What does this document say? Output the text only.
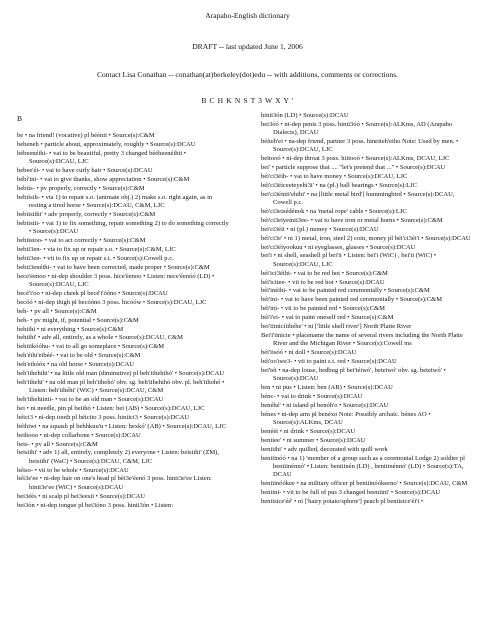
Arapaho-English dictionary
DRAFT -- last updated June 1, 2006
Contact Lisa Conathan -- conathan(at)berkeley(dot)edu -- with additions, comments or corrections.
B C H K N S T 3 W X Y '
B
be • na friend! (vocative) pl béénii • Source(s):C&M
bebeneh • particle about, approximately, roughly • Source(s):DCAU
bébeenéihi- • vai to be beautiful, pretty 3 changed bééheenéihit • Source(s):DCAU, LJC
bebee'éi- • vai to have curly hair • Source(s):DCAU
bébí'ini- • vai to give thanks, show appreciation • Source(s):C&M
bebiis- • pv properly, correctly • Source(s):C&M
bebiisih- • vta 1) to repair s.o. (animate obj.) 2) make s.o. right again, as in resting a tired horse • Source(s):DCAU, C&M, LJC
bebiisiihi' • adv properly, correctly • Source(s):C&M
bebiistii- • vai 1) to fix something, repair something 2) to do something correctly • Source(s):DCAU
bebiistoo- • vai to act correctly • Source(s):C&M
bebii3en- • vta to fix up or repair s.o. • Source(s):C&M, LJC
bebii3en- • vti to fix up or repair s.t. • Source(s):Cowell p.c.
bebii3enéihi- • vai to have been corrected, made proper • Source(s):C&M
bece'éenoo • ni-dep shoulder 3 poss. hice'éenoo • Listen: nece'éenóó (LD) • Source(s):DCAU, LJC
becé'i'oo • ni-dep cheek pl becé'i'óóno • Source(s):DCAU
becóó • ni-dep thigh pl becóóno 3 poss. hicóów • Source(s):DCAU, LJC
beh- • pv all • Source(s):C&M
beh- • pv might, if, potential • Source(s):C&M
behiihi • ni everything • Source(s):C&M
behiihi' • adv all, entirely, as a whole • Source(s):DCAU, C&M
behiiikóóhu- • vai to all go someplace • Source(s):C&M
beh'éihi'eibéé- • vai to be old • Source(s):C&M
beh'eihóóx • na old horse • Source(s):DCAU
beh'iihehihi' • na little old man (diminutive) pl beh'iihehihó' • Source(s):DCAU
beh'iihehi' • na old man pl beh'iihehó' obv. sg. beh'iihehihó obv. pl. beh'iihohó • Listen: beh'iihéhi' (WiC) • Source(s):DCAU, C&M
beh'iihehiinii- • vai to be an old man • Source(s):DCAU
bei • ni needle, pin pl beiihó • Listen: bei (AB) • Source(s):DCAU, LJC
béici3 • ni-dep tooth pl béicito 3 poss. hiniici3 • Source(s):DCAU
béihiwi • na squash pl behhkuu'u • Listen: hexkó' (AB) • Source(s):DCAU, LJC
beihooo • ni-dep collarbone • Source(s):DCAU
beis- • pv all • Source(s):C&M
beisiihi' • adv 1) all, entirely, completely 2) everyone • Listen: beisiihi' (ZM), beisiihi' (WaC) • Source(s):DCAU, C&M, LJC
béiso- • vii to be whole • Source(s):DCAU
béi3e'ee • ni-dep hair on one's head pl béi3e'éenó 3 poss. hinii3e'ee Listen: hinii3e'ee (WiC) • Source(s):DCAU
bei3éés • ni scalp pl bei3eesii • Source(s):DCAU
bei3ón • ni-dep tongue pl bei3óno 3 poss. hinii3ón • Listen:
hinii3ón (LD) • Source(s):DCAU
bei3óó • ni-dep penis 3 poss. hinii3óó • Source(s):ALKms, AD (Arapaho Dialects), DCAU
béiteh'ei • na-dep friend, partner 3 poss. hineiteh'eiho Note: Used by men. • Source(s):DCAU, LJC
beitooó • ni-dep throat 3 poss. hiitooó • Source(s):ALKms, DCAU, LJC
bei' • particle suppose that .... "let's pretend that ..." • Source(s):DCAU
béi'ci3éih- • vai to have money • Source(s):DCAU, LJC
béi'ci3éiceeteyehi3i' • na (pl.) ball bearings • Source(s):LJC
bei'ci3éinii'ehihi' • na [little metal bird'] hummingbird • Source(s):DCAU, Cowell p.c.
béi'ci3eisédénok • na 'metal rope' cable • Source(s):LJC
béi'ci3eiyeinii3ee- • vai to have iron or metal horns • Source(s):C&M
bei'ci3éii • ni (pl.) money • Source(s):DCAU
béi'ci3e' • ni 1) metal, iron, steel 2) coin, money pl béi'ci3éi'i • Source(s):DCAU
bei'ci3éiyookuu • ni eyeglasses, glasses • Source(s):DCAU
bei'i • ni shell, seashell pl bei'ii • Listen: bei'i (WiC) , bei'ii (WiC) • Source(s):DCAU, LJC
béi'ici3éihi- • vai to be red hot • Source(s):C&M
béi'icitee- • vii to be red hot • Source(s):DCAU
béi'inéihi- • vai to be painted red ceremonially • Source(s):C&M
béi'ini- • vai to have been painted red ceremonially • Source(s):C&M
béi'ini- • vii to be painted red • Source(s):C&M
béi'i'ei- • vai to paint oneself red • Source(s):C&M
bei'iiinicíiihéhe' • ni ['little shell river'] North Platte River
Bei'i'iinicie • placename the name of several rivers including the North Platte River and the Michigan River • Source(s):Cowell ms
béi'iisóó • ni doll • Source(s):DCAU
béi'oo'oee3- • vti to paint s.t. red • Source(s):DCAU
bei'téi • na-dep louse, bedbug pl bei'téiwó', beteiwó' obv. sg. beteiwó' • Source(s):DCAU
ben • ni pus • Listen: ben (AB) • Source(s):DCAU
bénc- • vai to drink • Source(s):DCAU
benéhé' • ni island pl benóh'o • Source(s):DCAU
bénes • ni-dep arm pl benéxo Note: Possibly archaic. bénes AO • Source(s):ALKms, DCAU
benéét • ni drink • Source(s):DCAU
beniiee' • ni summer • Source(s):DCAU
beniiihi' • adv quilled, decorated with quill work
beniiinóó • na 1) 'member of a group such as a ceremonial Lodge 2) soldier pl beniiinénnó' • Listen: beniiinén (LD) , beniiinénnó' (LD) • Source(s):TA, DCAU
beniiinóókee • na military officer pl beniiinóókeeno' • Source(s):DCAU, C&M
beniini- • vii to be full of pus 3 changed beeniini' • Source(s):DCAU
beniisice'éé' • ni ['hairy potato/sphere'] peach pl beniisice'éi'i •
